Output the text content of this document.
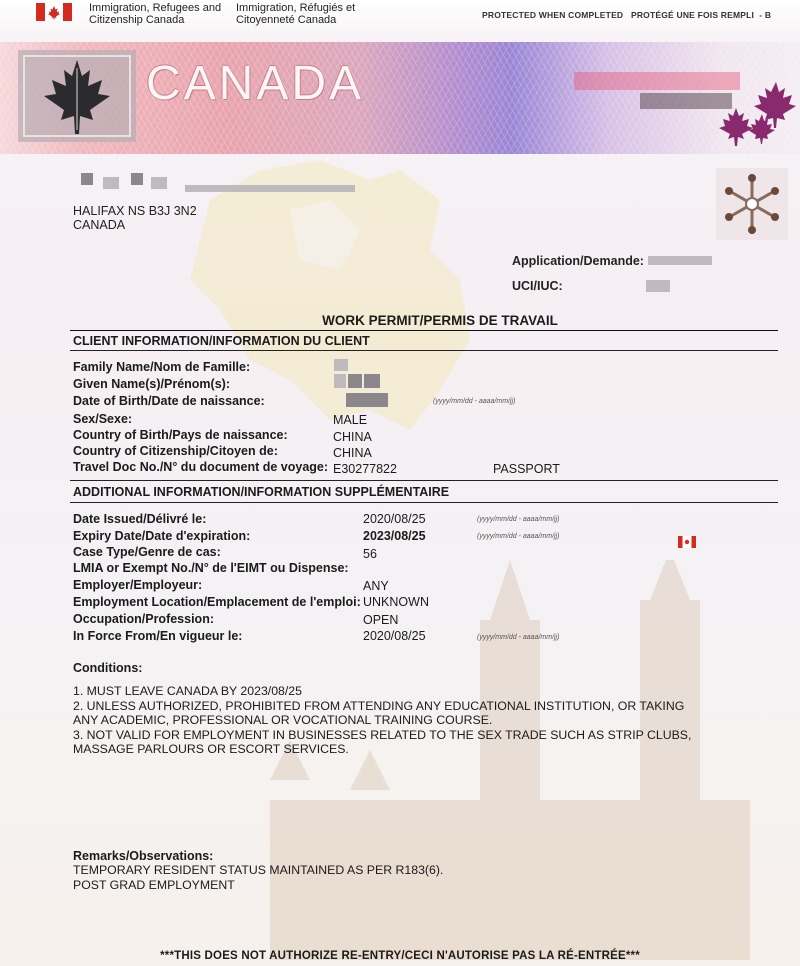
Immigration, Refugees and
Citizenship Canada
Immigration, Réfugiés et
Citoyenneté Canada	PROTECTED WHEN COMPLETED PROTÉGÉ UNE FOIS REMPLI - B
CANADA
HALIFAX NS B3J 3N2
CANADA
Application/Demande:
UCI/IUC:
WORK PERMIT/PERMIS DE TRAVAIL
CLIENT INFORMATION/INFORMATION DU CLIENT
Family Name/Nom de Famille:
Given Name(s)/Prénom(s):
Date of Birth/Date de naissance:	(yyyy/mm/dd - aaaa/mm/jj)
Sex/Sexe:	MALE
Country of Birth/Pays de naissance:	CHINA
Country of Citizenship/Citoyen de:	CHINA
Travel Doc No./N° du document de voyage: E30277822	PASSPORT
ADDITIONAL INFORMATION/INFORMATION SUPPLÉMENTAIRE
Date Issued/Délivré le:	2020/08/25	(yyyy/mm/dd - aaaa/mm/jj)
Expiry Date/Date d'expiration:	2023/08/25	(yyyy/mm/dd - aaaa/mm/jj)
Case Type/Genre de cas:	56
LMIA or Exempt No./N° de l'EIMT ou Dispense:
Employer/Employeur:	ANY
Employment Location/Emplacement de l'emploi: UNKNOWN
Occupation/Profession:	OPEN
In Force From/En vigueur le:	2020/08/25	(yyyy/mm/dd - aaaa/mm/jj)
Conditions:
1. MUST LEAVE CANADA BY 2023/08/25
2. UNLESS AUTHORIZED, PROHIBITED FROM ATTENDING ANY EDUCATIONAL INSTITUTION, OR TAKING
ANY ACADEMIC, PROFESSIONAL OR VOCATIONAL TRAINING COURSE.
3. NOT VALID FOR EMPLOYMENT IN BUSINESSES RELATED TO THE SEX TRADE SUCH AS STRIP CLUBS,
MASSAGE PARLOURS OR ESCORT SERVICES.
Remarks/Observations:
TEMPORARY RESIDENT STATUS MAINTAINED AS PER R183(6).
POST GRAD EMPLOYMENT
***THIS DOES NOT AUTHORIZE RE-ENTRY/CECI N'AUTORISE PAS LA RÉ-ENTRÉE***
